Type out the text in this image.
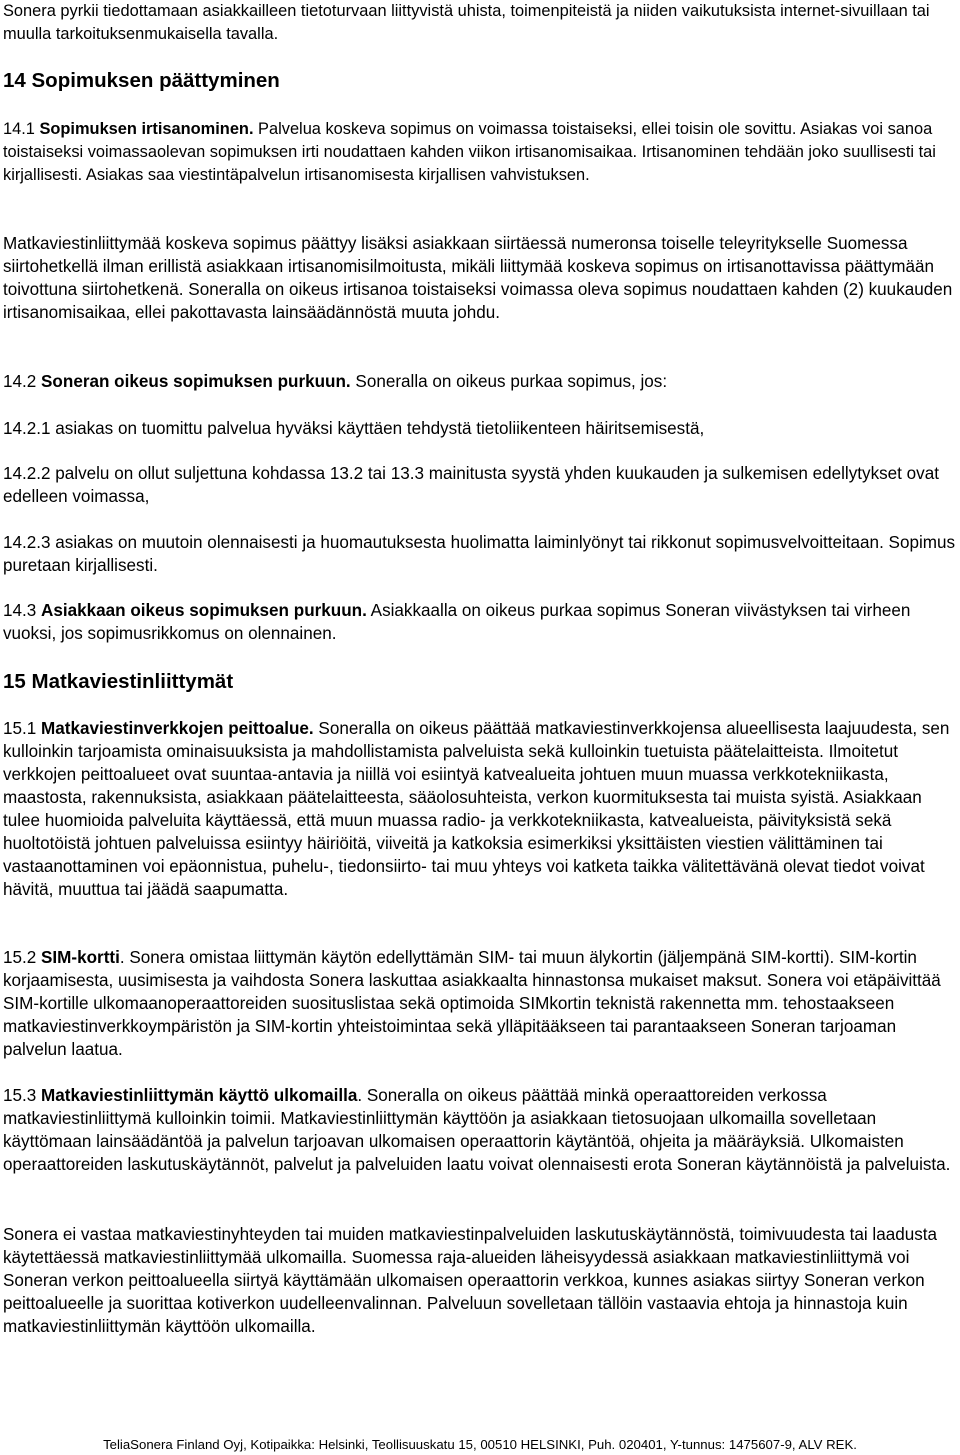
Sonera pyrkii tiedottamaan asiakkailleen tietoturvaan liittyvistä uhista, toimenpiteistä ja niiden vaikutuksista internet-sivuillaan tai muulla tarkoituksenmukaisella tavalla.

14 Sopimuksen päättyminen

14.1 Sopimuksen irtisanominen. Palvelua koskeva sopimus on voimassa toistaiseksi, ellei toisin ole sovittu. Asiakas voi sanoa toistaiseksi voimassaolevan sopimuksen irti noudattaen kahden viikon irtisanomisaikaa. Irtisanominen tehdään joko suullisesti tai kirjallisesti. Asiakas saa viestintäpalvelun irtisanomisesta kirjallisen vahvistuksen.

Matkaviestinliittymää koskeva sopimus päättyy lisäksi asiakkaan siirtäessä numeronsa toiselle teleyritykselle Suomessa siirtohetkellä ilman erillistä asiakkaan irtisanomisilmoitusta, mikäli liittymää koskeva sopimus on irtisanottavissa päättymään toivottuna siirtohetkenä. Soneralla on oikeus irtisanoa toistaiseksi voimassa oleva sopimus noudattaen kahden (2) kuukauden irtisanomisaikaa, ellei pakottavasta lainsäädännöstä muuta johdu.

14.2 Soneran oikeus sopimuksen purkuun. Soneralla on oikeus purkaa sopimus, jos:

14.2.1 asiakas on tuomittu palvelua hyväksi käyttäen tehdystä tietoliikenteen häiritsemisestä,

14.2.2 palvelu on ollut suljettuna kohdassa 13.2 tai 13.3 mainitusta syystä yhden kuukauden ja sulkemisen edellytykset ovat edelleen voimassa,

14.2.3 asiakas on muutoin olennaisesti ja huomautuksesta huolimatta laiminlyönyt tai rikkonut sopimusvelvoitteitaan. Sopimus puretaan kirjallisesti.

14.3 Asiakkaan oikeus sopimuksen purkuun. Asiakkaalla on oikeus purkaa sopimus Soneran viivästyksen tai virheen vuoksi, jos sopimusrikkomus on olennainen.

15 Matkaviestinliittymät

15.1 Matkaviestinverkkojen peittoalue. Soneralla on oikeus päättää matkaviestinverkkojensa alueellisesta laajuudesta, sen kulloinkin tarjoamista ominaisuuksista ja mahdollistamista palveluista sekä kulloinkin tuetuista päätelaitteista. Ilmoitetut verkkojen peittoalueet ovat suuntaa-antavia ja niillä voi esiintyä katvealueita johtuen muun muassa verkkotekniikasta, maastosta, rakennuksista, asiakkaan päätelaitteesta, sääolosuhteista, verkon kuormituksesta tai muista syistä. Asiakkaan tulee huomioida palveluita käyttäessä, että muun muassa radio- ja verkkotekniikasta, katvealueista, päivityksistä sekä huoltotöistä johtuen palveluissa esiintyy häiriöitä, viiveitä ja katkoksia esimerkiksi yksittäisten viestien välittäminen tai vastaanottaminen voi epäonnistua, puhelu-, tiedonsiirto- tai muu yhteys voi katketa taikka välitettävänä olevat tiedot voivat hävitä, muuttua tai jäädä saapumatta.

15.2 SIM-kortti. Sonera omistaa liittymän käytön edellyttämän SIM- tai muun älykortin (jäljempänä SIM-kortti). SIM-kortin korjaamisesta, uusimisesta ja vaihdosta Sonera laskuttaa asiakkaalta hinnastonsa mukaiset maksut. Sonera voi etäpäivittää SIM-kortille ulkomaanoperaattoreiden suosituslistaa sekä optimoida SIMkortin teknistä rakennetta mm. tehostaakseen matkaviestinverkkoympäristön ja SIM-kortin yhteistoimintaa sekä ylläpitääkseen tai parantaakseen Soneran tarjoaman palvelun laatua.

15.3 Matkaviestinliittymän käyttö ulkomailla. Soneralla on oikeus päättää minkä operaattoreiden verkossa matkaviestinliittymä kulloinkin toimii. Matkaviestinliittymän käyttöön ja asiakkaan tietosuojaan ulkomailla sovelletaan käyttömaan lainsäädäntöä ja palvelun tarjoavan ulkomaisen operaattorin käytäntöä, ohjeita ja määräyksiä. Ulkomaisten operaattoreiden laskutuskäytännöt, palvelut ja palveluiden laatu voivat olennaisesti erota Soneran käytännöistä ja palveluista.

Sonera ei vastaa matkaviestinyhteyden tai muiden matkaviestinpalveluiden laskutuskäytännöstä, toimivuudesta tai laadusta käytettäessä matkaviestinliittymää ulkomailla. Suomessa raja-alueiden läheisyydessä asiakkaan matkaviestinliittymä voi Soneran verkon peittoalueella siirtyä käyttämään ulkomaisen operaattorin verkkoa, kunnes asiakas siirtyy Soneran verkon peittoalueelle ja suorittaa kotiverkon uudelleenvalinnan. Palveluun sovelletaan tällöin vastaavia ehtoja ja hinnastoja kuin matkaviestinliittymän käyttöön ulkomailla.

TeliaSonera Finland Oyj, Kotipaikka: Helsinki, Teollisuuskatu 15, 00510 HELSINKI, Puh. 020401, Y-tunnus: 1475607-9, ALV REK.
